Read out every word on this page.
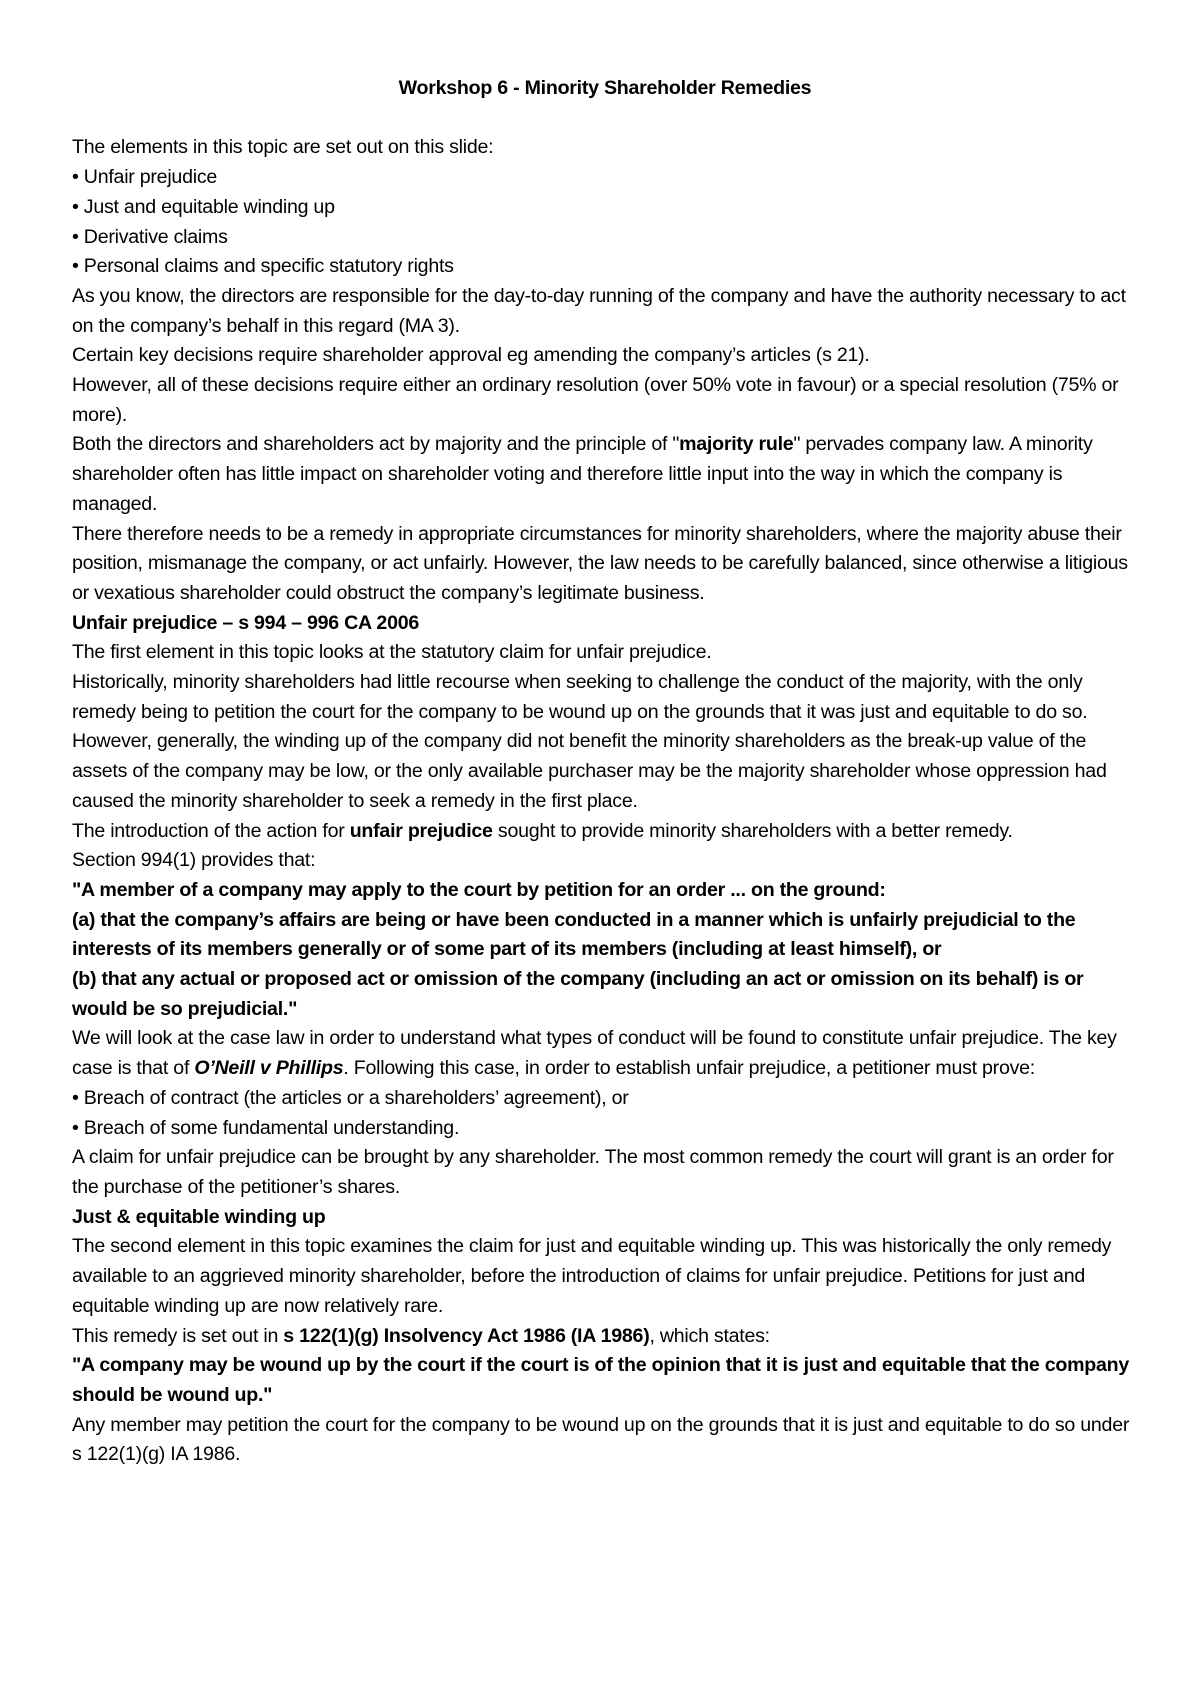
Workshop 6 - Minority Shareholder Remedies

The elements in this topic are set out on this slide:

• Unfair prejudice

• Just and equitable winding up

• Derivative claims

• Personal claims and specific statutory rights

As you know, the directors are responsible for the day-to-day running of the company and have the authority necessary to act on the company’s behalf in this regard (MA 3).

Certain key decisions require shareholder approval eg amending the company’s articles (s 21).

However, all of these decisions require either an ordinary resolution (over 50% vote in favour) or a special resolution (75% or more).

Both the directors and shareholders act by majority and the principle of "majority rule" pervades company law. A minority shareholder often has little impact on shareholder voting and therefore little input into the way in which the company is managed.

There therefore needs to be a remedy in appropriate circumstances for minority shareholders, where the majority abuse their position, mismanage the company, or act unfairly. However, the law needs to be carefully balanced, since otherwise a litigious or vexatious shareholder could obstruct the company’s legitimate business.

Unfair prejudice – s 994 – 996 CA 2006

The first element in this topic looks at the statutory claim for unfair prejudice.

Historically, minority shareholders had little recourse when seeking to challenge the conduct of the majority, with the only remedy being to petition the court for the company to be wound up on the grounds that it was just and equitable to do so. However, generally, the winding up of the company did not benefit the minority shareholders as the break-up value of the assets of the company may be low, or the only available purchaser may be the majority shareholder whose oppression had caused the minority shareholder to seek a remedy in the first place.

The introduction of the action for unfair prejudice sought to provide minority shareholders with a better remedy.

Section 994(1) provides that:

"A member of a company may apply to the court by petition for an order ... on the ground:

(a) that the company’s affairs are being or have been conducted in a manner which is unfairly prejudicial to the interests of its members generally or of some part of its members (including at least himself), or

(b) that any actual or proposed act or omission of the company (including an act or omission on its behalf) is or would be so prejudicial."

We will look at the case law in order to understand what types of conduct will be found to constitute unfair prejudice. The key case is that of O’Neill v Phillips. Following this case, in order to establish unfair prejudice, a petitioner must prove:

• Breach of contract (the articles or a shareholders’ agreement), or

• Breach of some fundamental understanding.

A claim for unfair prejudice can be brought by any shareholder. The most common remedy the court will grant is an order for the purchase of the petitioner’s shares.

Just & equitable winding up

The second element in this topic examines the claim for just and equitable winding up. This was historically the only remedy available to an aggrieved minority shareholder, before the introduction of claims for unfair prejudice. Petitions for just and equitable winding up are now relatively rare.

This remedy is set out in s 122(1)(g) Insolvency Act 1986 (IA 1986), which states:

"A company may be wound up by the court if the court is of the opinion that it is just and equitable that the company should be wound up."

Any member may petition the court for the company to be wound up on the grounds that it is just and equitable to do so under s 122(1)(g) IA 1986.
